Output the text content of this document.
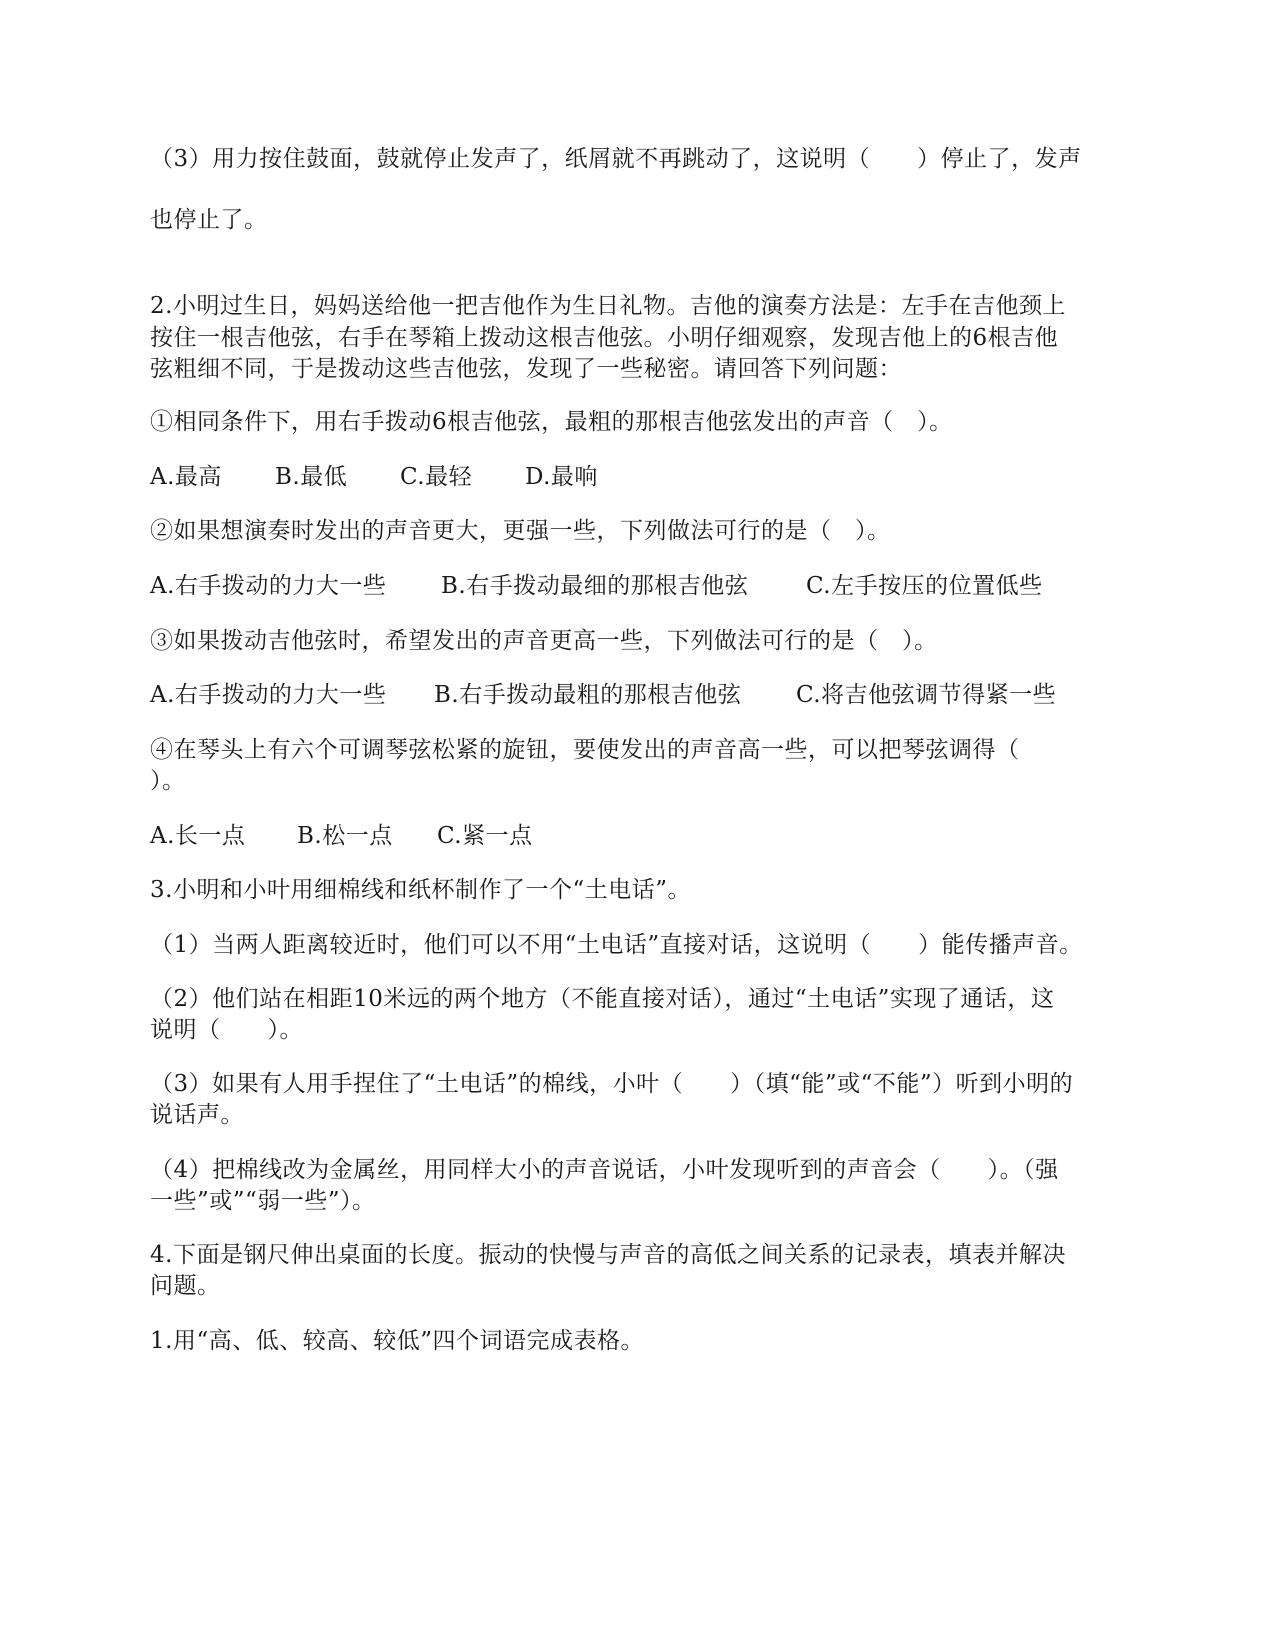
（3）用力按住鼓面，鼓就停止发声了，纸屑就不再跳动了，这说明（　　）停止了，发声
也停止了。
2.小明过生日，妈妈送给他一把吉他作为生日礼物。吉他的演奏方法是：左手在吉他颈上
按住一根吉他弦，右手在琴箱上拨动这根吉他弦。小明仔细观察，发现吉他上的6根吉他
弦粗细不同，于是拨动这些吉他弦，发现了一些秘密。请回答下列问题：
①相同条件下，用右手拨动6根吉他弦，最粗的那根吉他弦发出的声音（　）。
A.最高 B.最低 C.最轻 D.最响
②如果想演奏时发出的声音更大，更强一些，下列做法可行的是（　）。
A.右手拨动的力大一些 B.右手拨动最细的那根吉他弦	C.左手按压的位置低些
③如果拨动吉他弦时，希望发出的声音更高一些，下列做法可行的是（　）。
A.右手拨动的力大一些 B.右手拨动最粗的那根吉他弦 C.将吉他弦调节得紧一些
④在琴头上有六个可调琴弦松紧的旋钮，要使发出的声音高一些，可以把琴弦调得（
）。
A.长一点 B.松一点 C.紧一点
3.小明和小叶用细棉线和纸杯制作了一个“土电话”。
（1）当两人距离较近时，他们可以不用“土电话”直接对话，这说明（　　）能传播声音。
（2）他们站在相距10米远的两个地方（不能直接对话），通过“土电话”实现了通话，这
说明（　　）。
（3）如果有人用手捏住了“土电话”的棉线，小叶（　　）（填“能”或“不能”）听到小明的
说话声。
（4）把棉线改为金属丝，用同样大小的声音说话，小叶发现听到的声音会（　　）。（强
一些”或”“弱一些”）。
4.下面是钢尺伸出桌面的长度。振动的快慢与声音的高低之间关系的记录表，填表并解决
问题。
1.用“高、低、较高、较低”四个词语完成表格。
